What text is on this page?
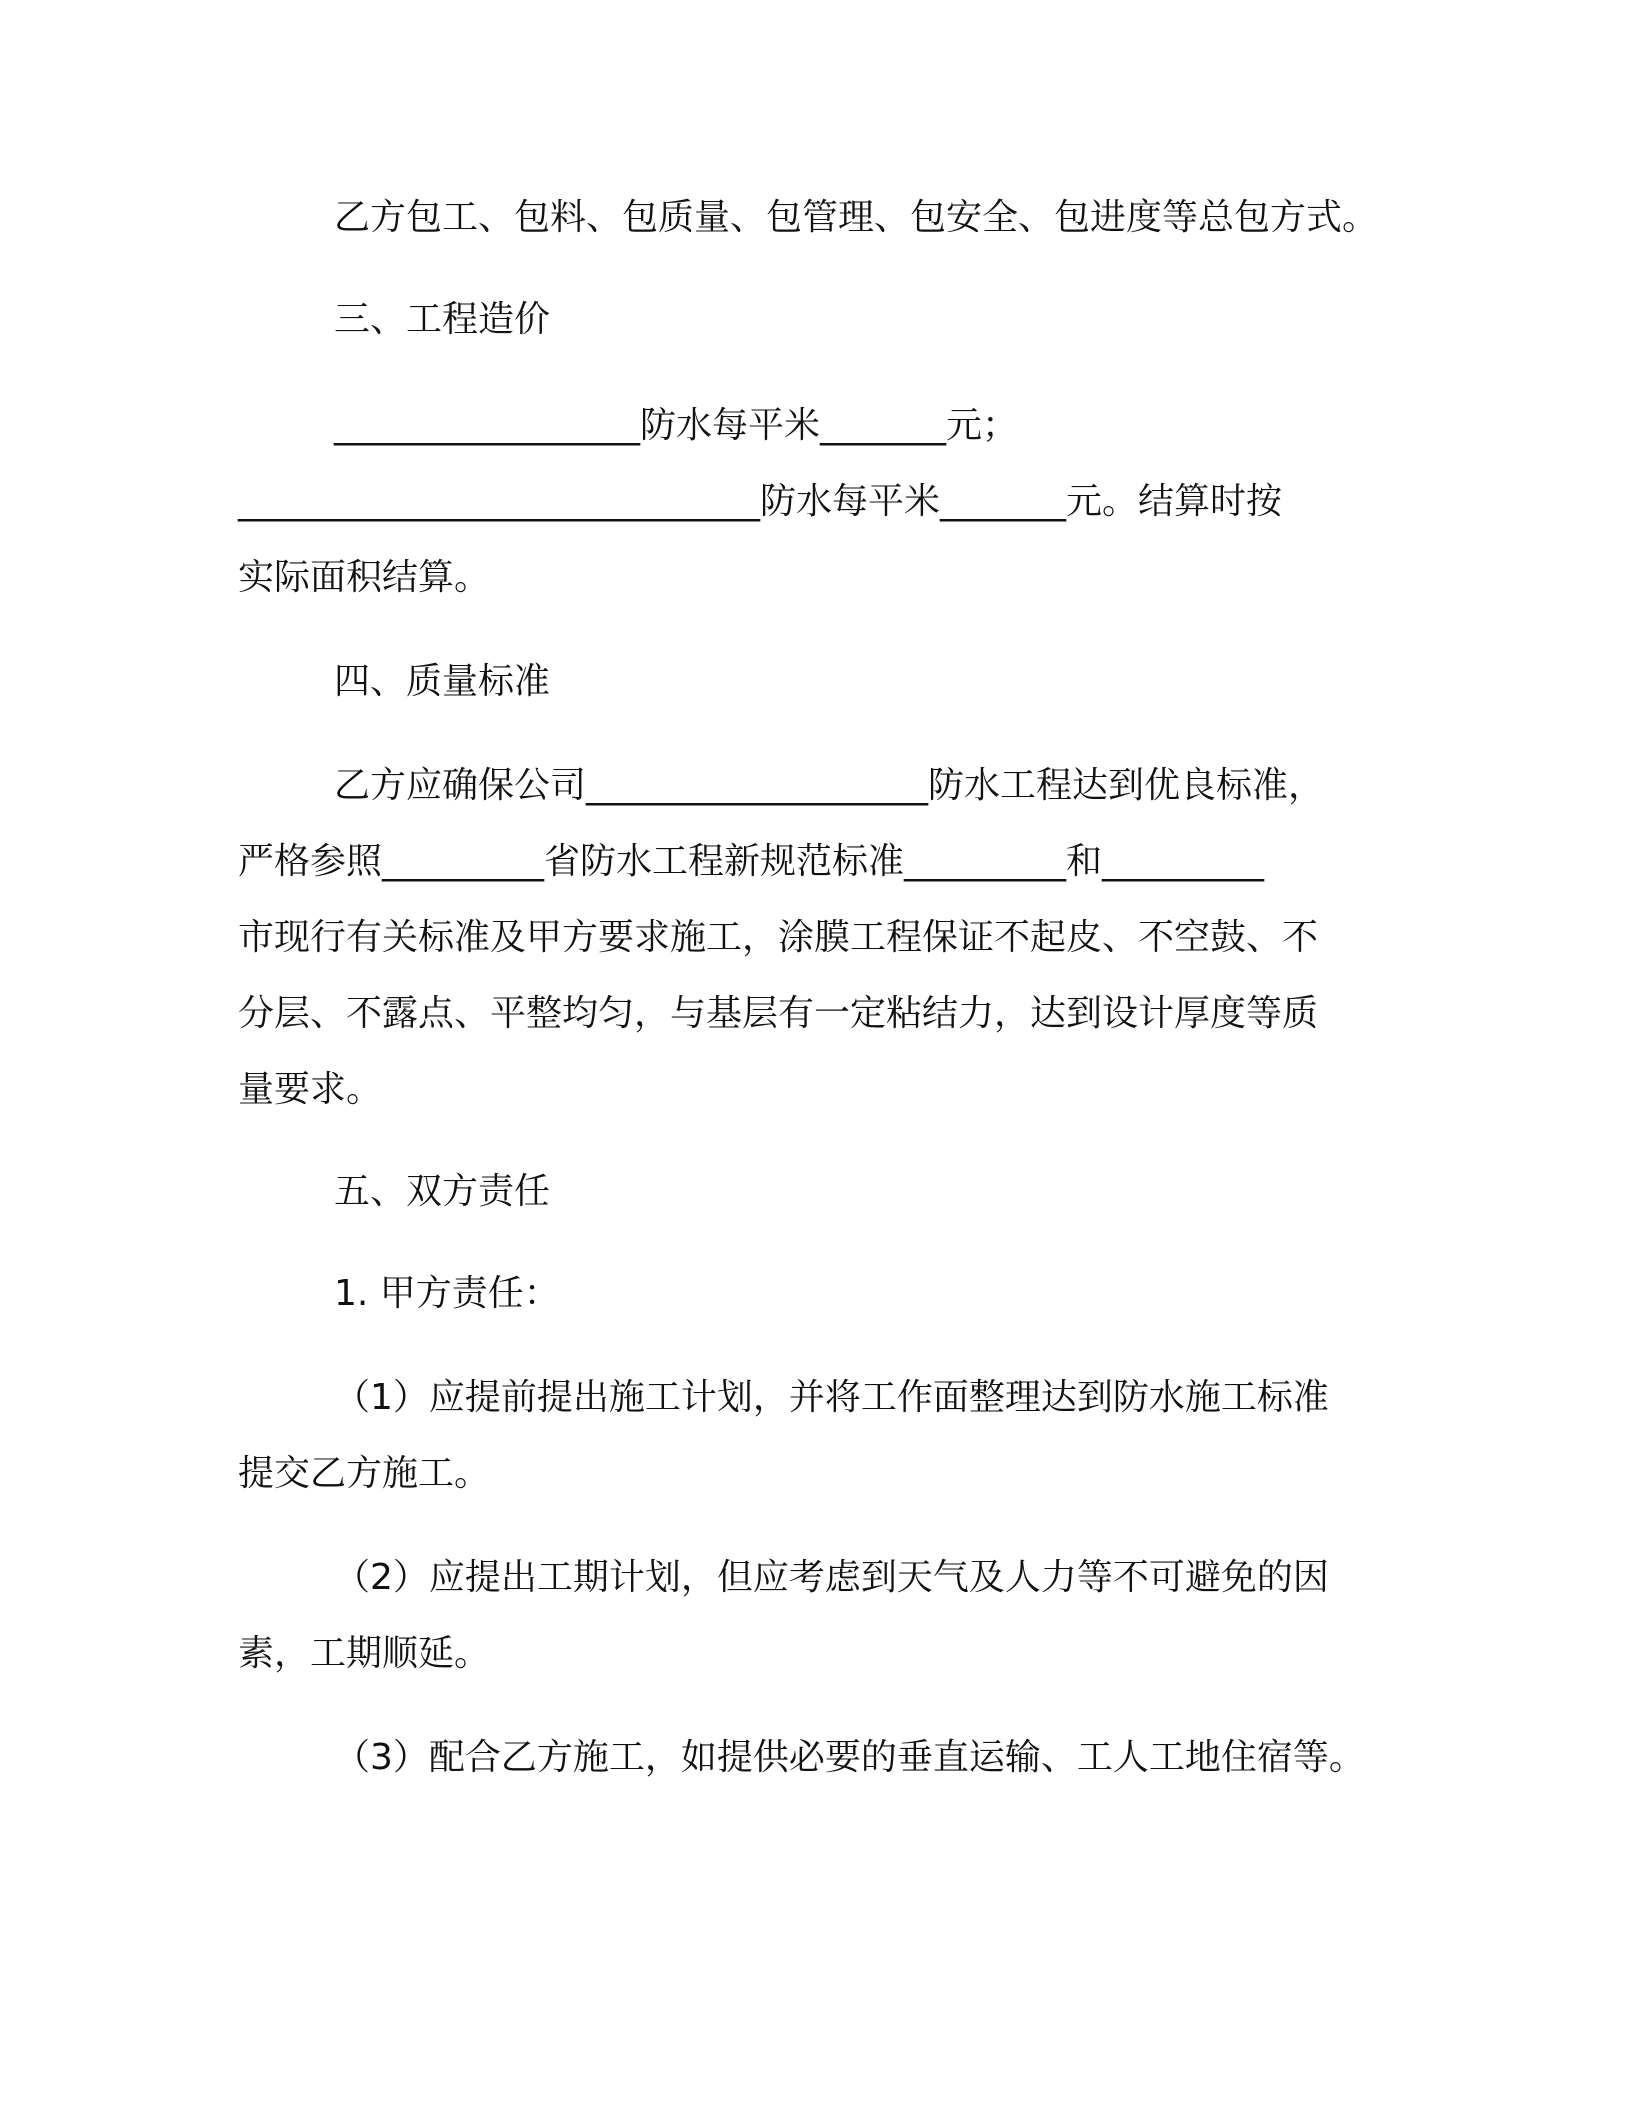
乙方包工、包料、包质量、包管理、包安全、包进度等总包方式。
三、工程造价
_________________防水每平米_______元；
_____________________________防水每平米_______元。结算时按
实际面积结算。
四、质量标准
乙方应确保公司___________________防水工程达到优良标准，
严格参照_________省防水工程新规范标准_________和_________
市现行有关标准及甲方要求施工，涂膜工程保证不起皮、不空鼓、不
分层、不露点、平整均匀，与基层有一定粘结力，达到设计厚度等质
量要求。
五、双方责任
1. 甲方责任：
（1）应提前提出施工计划，并将工作面整理达到防水施工标准
提交乙方施工。
（2）应提出工期计划，但应考虑到天气及人力等不可避免的因
素，工期顺延。
（3）配合乙方施工，如提供必要的垂直运输、工人工地住宿等。
